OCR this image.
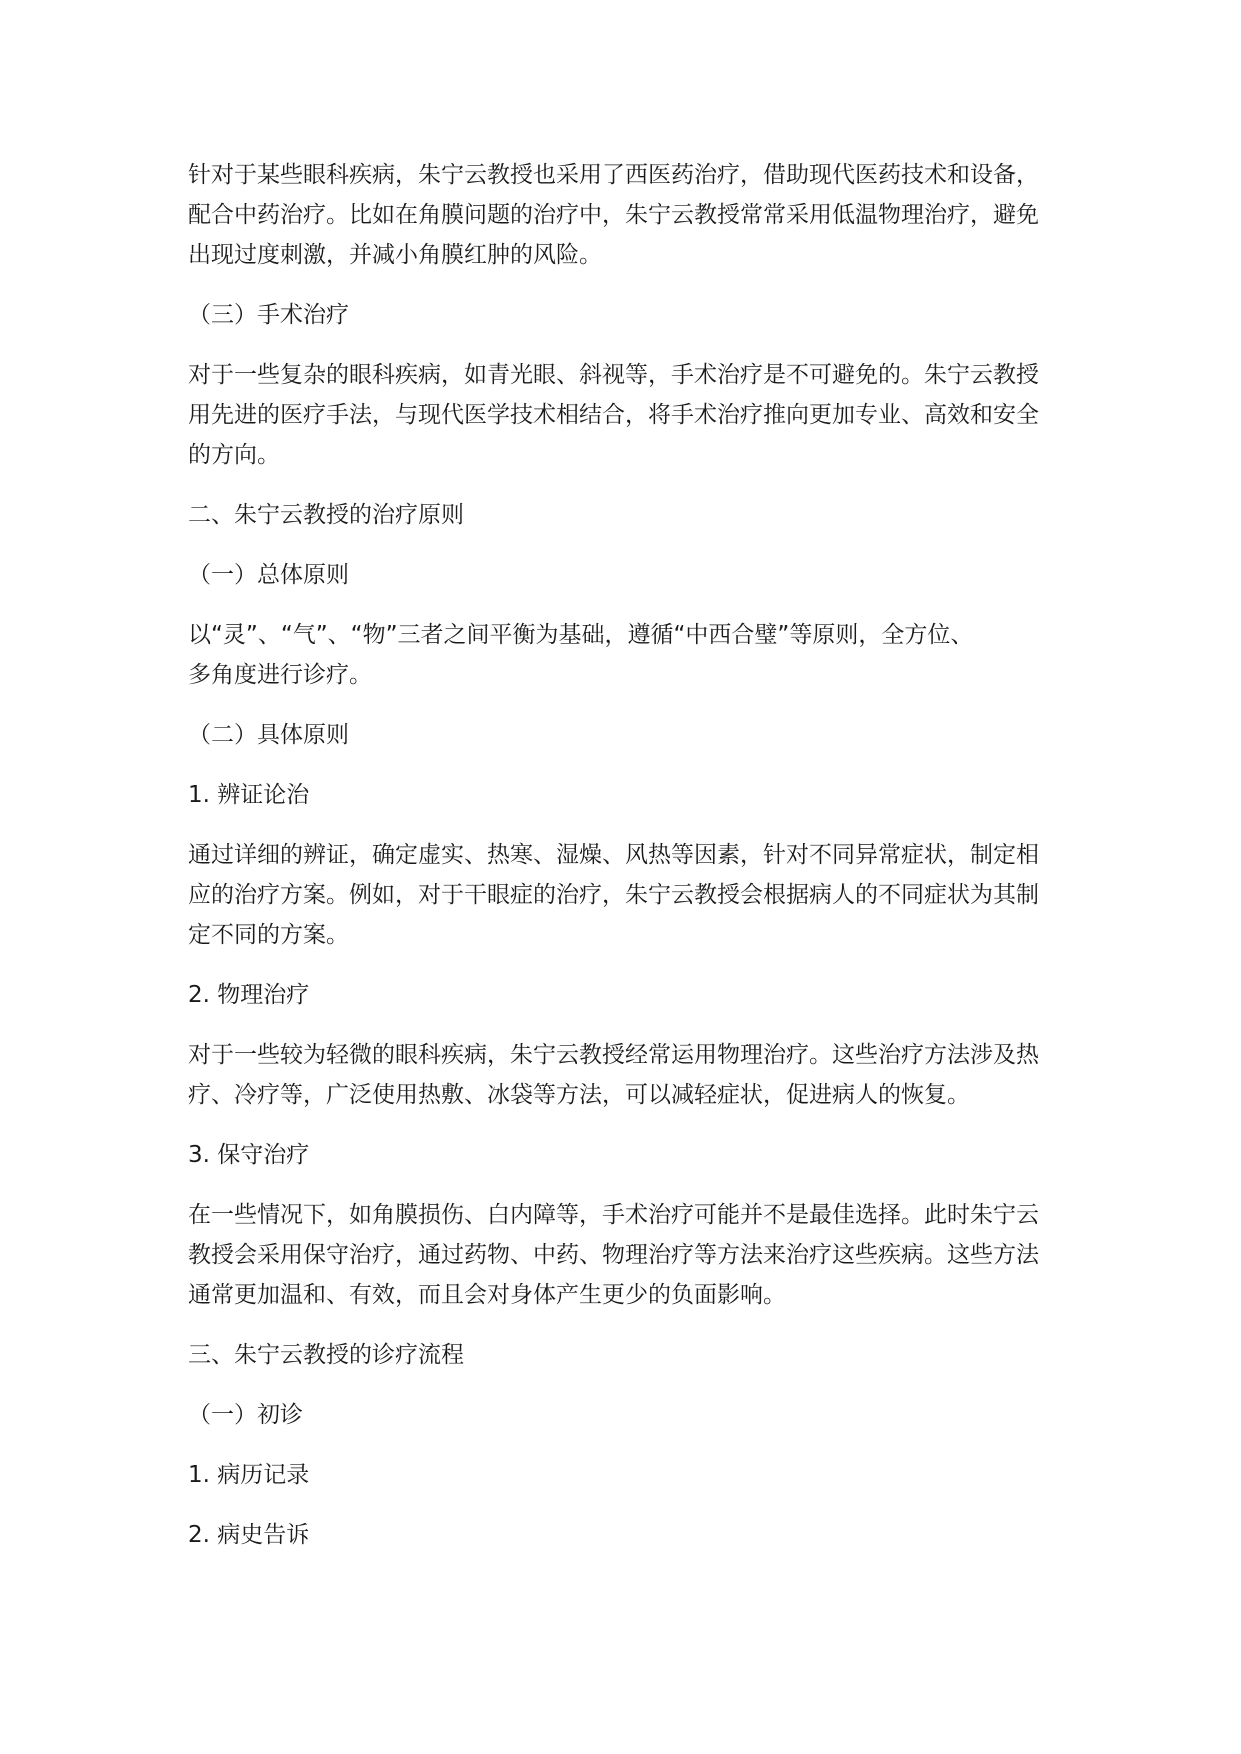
针对于某些眼科疾病，朱宁云教授也采用了西医药治疗，借助现代医药技术和设备，
配合中药治疗。比如在角膜问题的治疗中，朱宁云教授常常采用低温物理治疗，避免
出现过度刺激，并减小角膜红肿的风险。

（三）手术治疗

对于一些复杂的眼科疾病，如青光眼、斜视等，手术治疗是不可避免的。朱宁云教授
用先进的医疗手法，与现代医学技术相结合，将手术治疗推向更加专业、高效和安全
的方向。

二、朱宁云教授的治疗原则

（一）总体原则

以“灵”、“气”、“物”三者之间平衡为基础，遵循“中西合璧”等原则，全方位、
多角度进行诊疗。

（二）具体原则

1. 辨证论治

通过详细的辨证，确定虚实、热寒、湿燥、风热等因素，针对不同异常症状，制定相
应的治疗方案。例如，对于干眼症的治疗，朱宁云教授会根据病人的不同症状为其制
定不同的方案。

2. 物理治疗

对于一些较为轻微的眼科疾病，朱宁云教授经常运用物理治疗。这些治疗方法涉及热
疗、冷疗等，广泛使用热敷、冰袋等方法，可以减轻症状，促进病人的恢复。

3. 保守治疗

在一些情况下，如角膜损伤、白内障等，手术治疗可能并不是最佳选择。此时朱宁云
教授会采用保守治疗，通过药物、中药、物理治疗等方法来治疗这些疾病。这些方法
通常更加温和、有效，而且会对身体产生更少的负面影响。

三、朱宁云教授的诊疗流程

（一）初诊

1. 病历记录

2. 病史告诉
